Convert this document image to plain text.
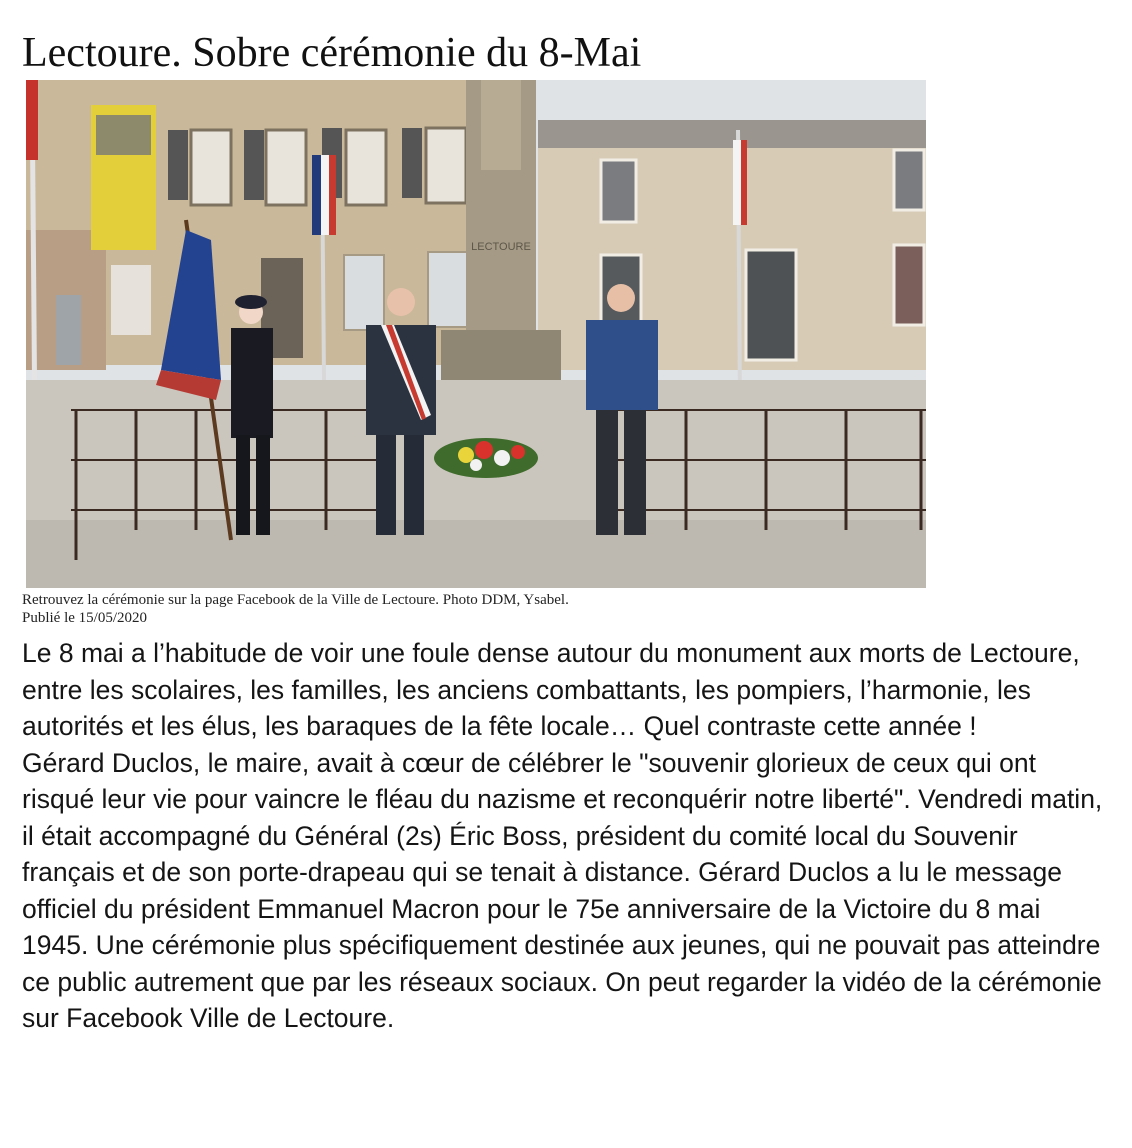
Lectoure. Sobre cérémonie du 8-Mai
LECTOURE
Retrouvez la cérémonie sur la page Facebook de la Ville de Lectoure. Photo DDM, Ysabel.
Publié le 15/05/2020

Le 8 mai a l’habitude de voir une foule dense autour du monument aux morts de Lectoure, entre les scolaires, les familles, les anciens combattants, les pompiers, l’harmonie, les autorités et les élus, les baraques de la fête locale… Quel contraste cette année !

Gérard Duclos, le maire, avait à cœur de célébrer le "souvenir glorieux de ceux qui ont risqué leur vie pour vaincre le fléau du nazisme et reconquérir notre liberté". Vendredi matin, il était accompagné du Général (2s) Éric Boss, président du comité local du Souvenir français et de son porte-drapeau qui se tenait à distance. Gérard Duclos a lu le message officiel du président Emmanuel Macron pour le 75e anniversaire de la Victoire du 8 mai 1945. Une cérémonie plus spécifiquement destinée aux jeunes, qui ne pouvait pas atteindre ce public autrement que par les réseaux sociaux. On peut regarder la vidéo de la cérémonie sur Facebook Ville de Lectoure.
